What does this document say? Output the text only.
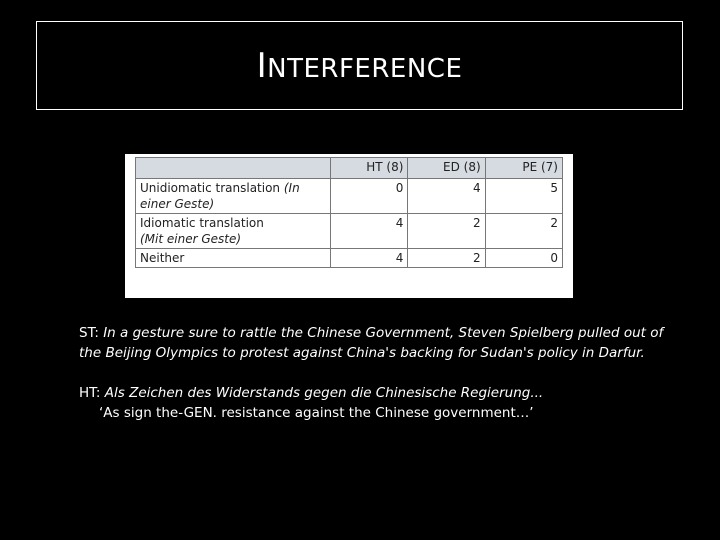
INTERFERENCE
	HT (8)	ED (8)	PE (7)
Unidiomatic translation (In einer Geste)	0	4	5
Idiomatic translation
(Mit einer Geste)	4	2	2
Neither	4	2	0

ST: In a gesture sure to rattle the Chinese Government, Steven Spielberg pulled out of the Beijing Olympics to protest against China's backing for Sudan's policy in Darfur.

HT: Als Zeichen des Widerstands gegen die Chinesische Regierung...
‘As sign the-GEN. resistance against the Chinese government…’
